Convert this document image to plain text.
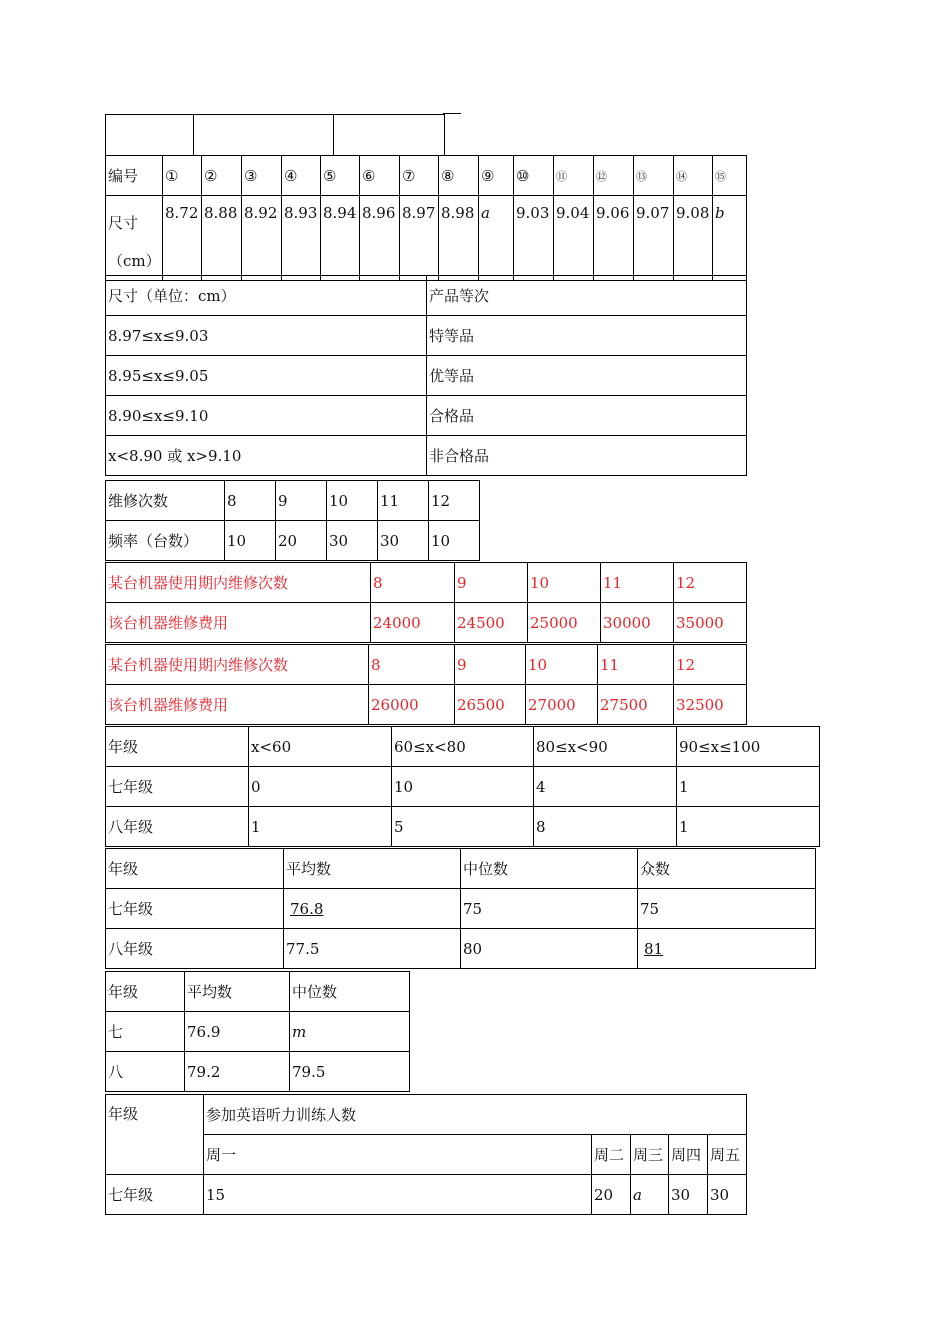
编号	①	②	③	④	⑤	⑥	⑦	⑧	⑨	⑩	⑪	⑫	⑬	⑭	⑮
尺寸
（cm）	8.72	8.88	8.92	8.93	8.94	8.96	8.97	8.98	a	9.03	9.04	9.06	9.07	9.08	b
尺寸（单位：cm）	产品等次
8.97≤x≤9.03	特等品
8.95≤x≤9.05	优等品
8.90≤x≤9.10	合格品
x<8.90 或 x>9.10	非合格品
维修次数	8	9	10	11	12
频率（台数）	10	20	30	30	10
某台机器使用期内维修次数	8	9	10	11	12
该台机器维修费用	24000	24500	25000	30000	35000
某台机器使用期内维修次数	8	9	10	11	12
该台机器维修费用	26000	26500	27000	27500	32500
年级	x<60	60≤x<80	80≤x<90	90≤x≤100
七年级	0	10	4	1
八年级	1	5	8	1
年级	平均数	中位数	众数
七年级	76.8	75	75
八年级	77.5	80	81
年级	平均数	中位数
七	76.9	m
八	79.2	79.5
年级	参加英语听力训练人数				
	周一	周二	周三	周四	周五
七年级	15	20	a	30	30
